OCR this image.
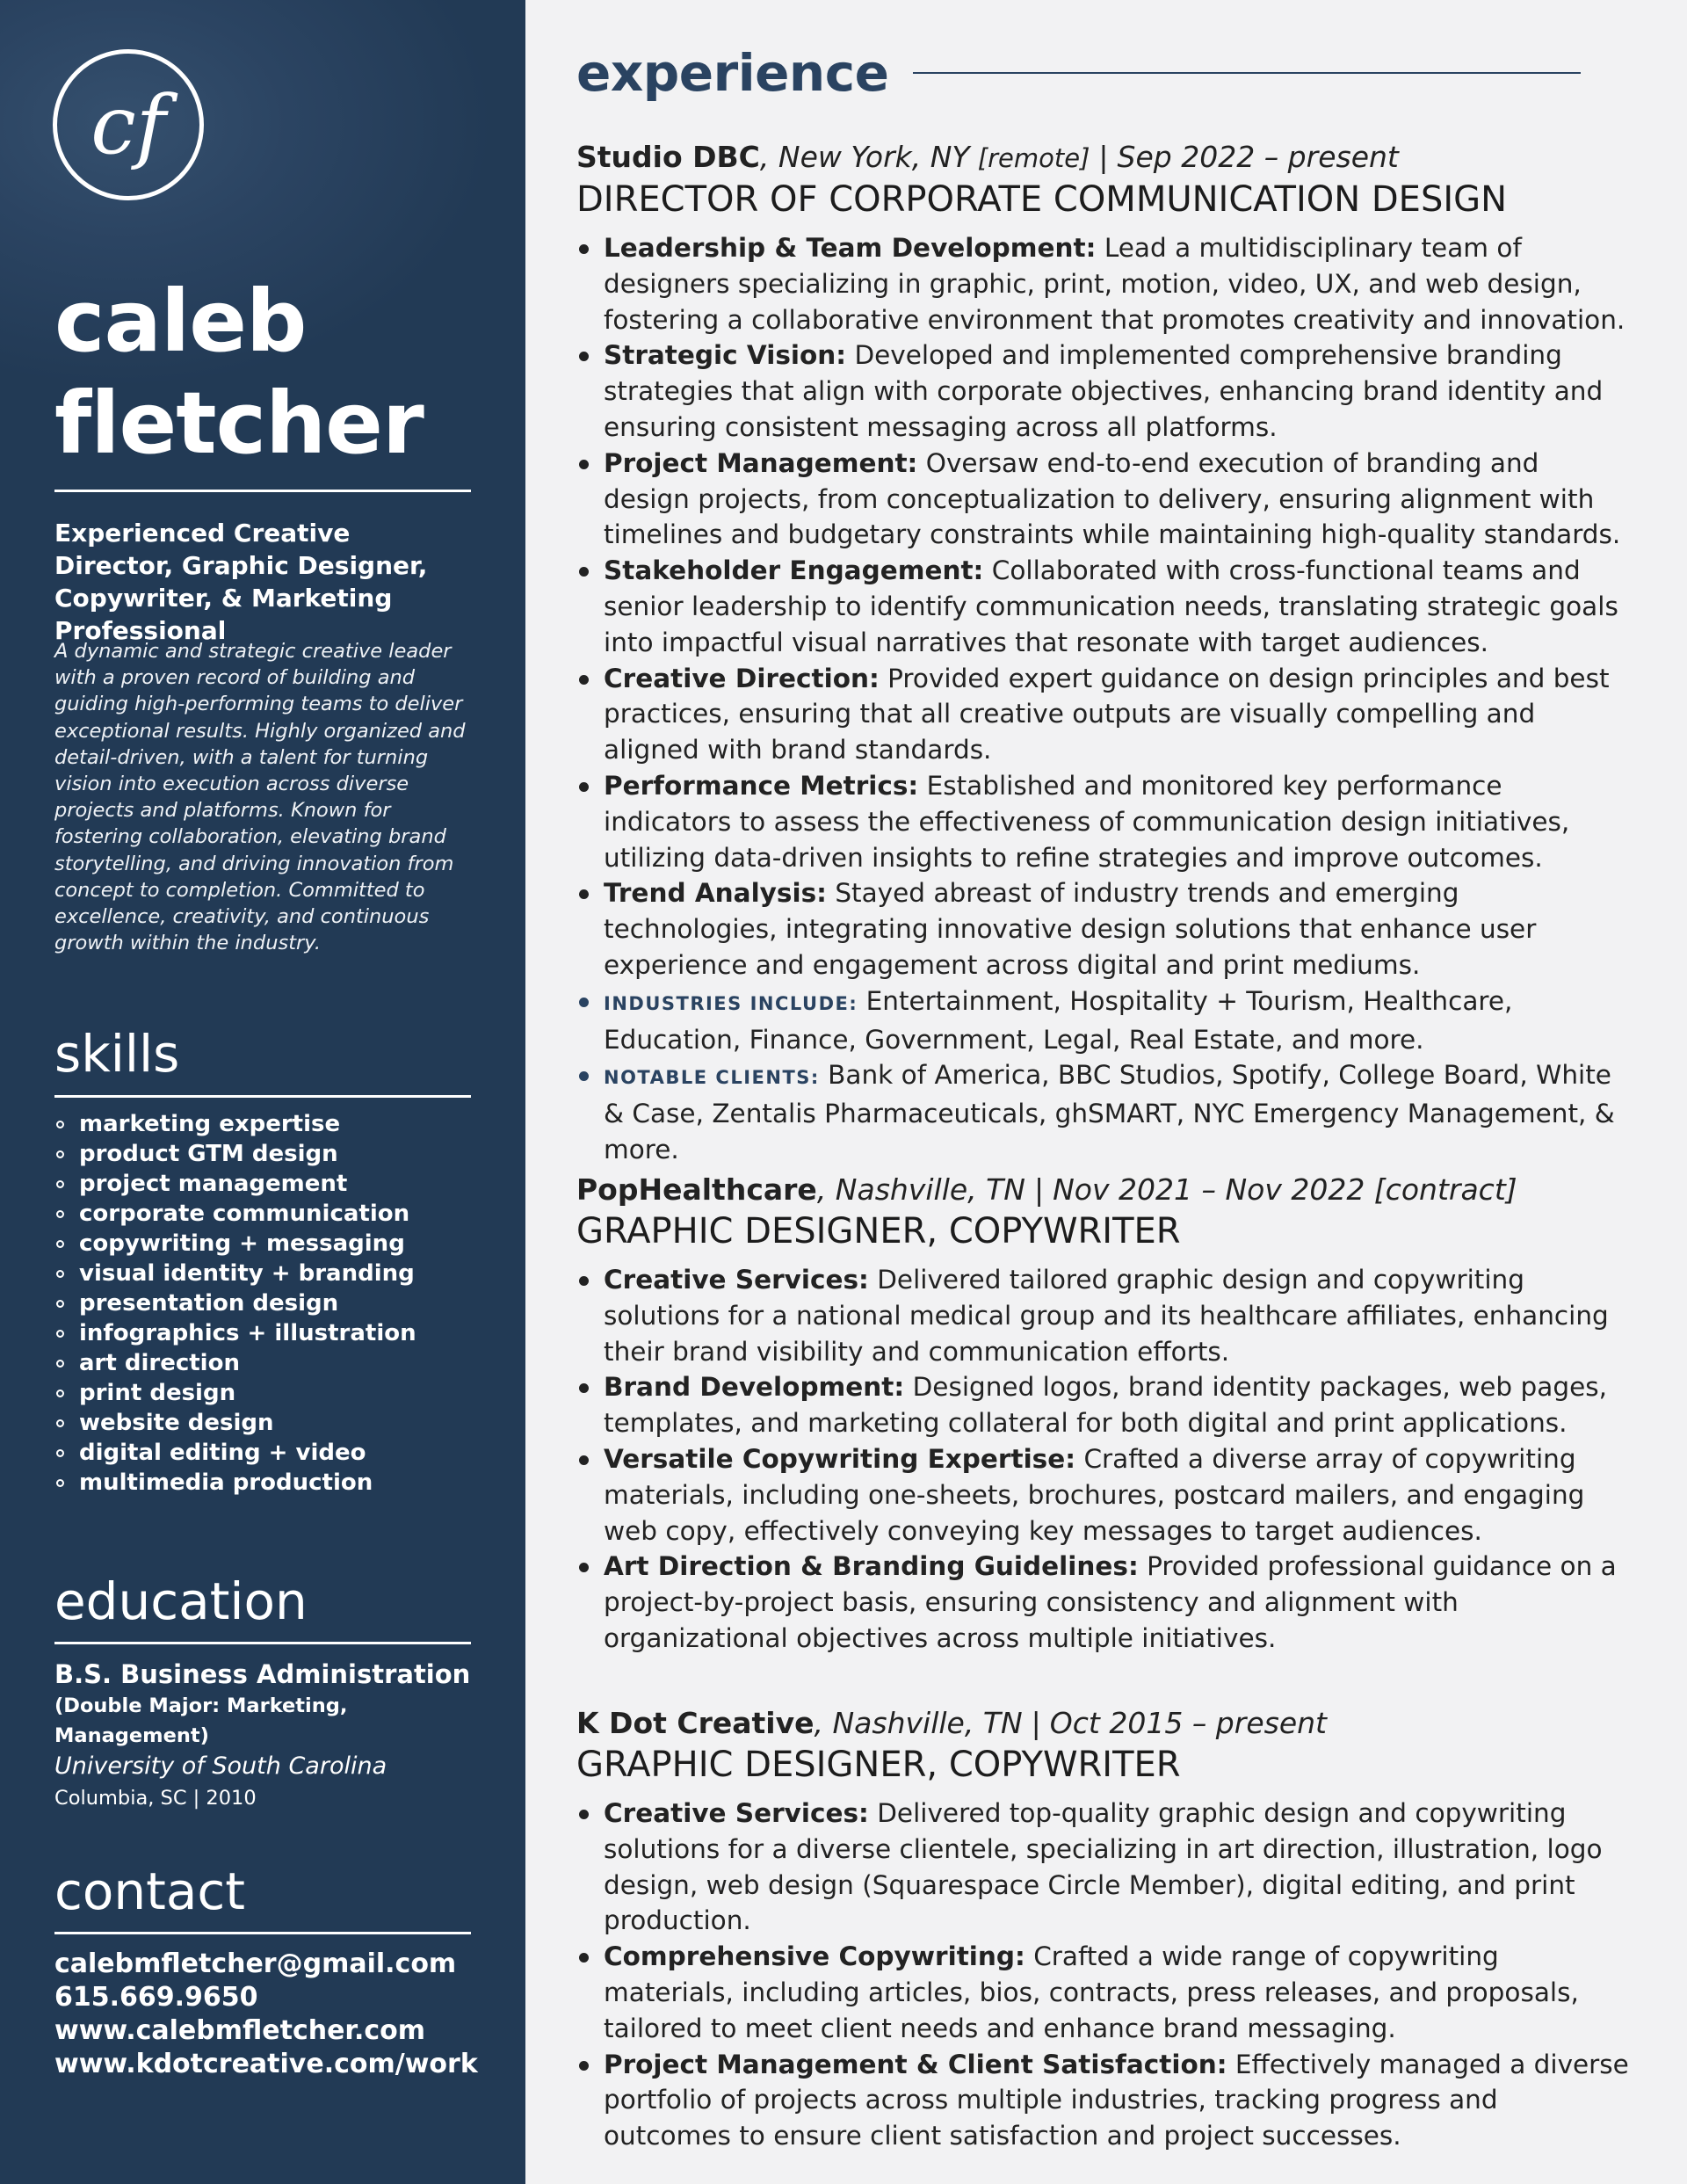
cf
caleb fletcher
Experienced Creative Director, Graphic Designer, Copywriter, & Marketing Professional
A dynamic and strategic creative leader with a proven record of building and guiding high-performing teams to deliver exceptional results. Highly organized and detail-driven, with a talent for turning vision into execution across diverse projects and platforms. Known for fostering collaboration, elevating brand storytelling, and driving innovation from concept to completion. Committed to excellence, creativity, and continuous growth within the industry.
skills
marketing expertise
product GTM design
project management
corporate communication
copywriting + messaging
visual identity + branding
presentation design
infographics + illustration
art direction
print design
website design
digital editing + video
multimedia production
education
B.S. Business Administration
(Double Major: Marketing, Management)
University of South Carolina
Columbia, SC | 2010
contact
calebmfletcher@gmail.com
615.669.9650
www.calebmfletcher.com
www.kdotcreative.com/work
experience
Studio DBC, New York, NY [remote] | Sep 2022 – present
DIRECTOR OF CORPORATE COMMUNICATION DESIGN
Leadership & Team Development: Lead a multidisciplinary team of designers specializing in graphic, print, motion, video, UX, and web design, fostering a collaborative environment that promotes creativity and innovation.
Strategic Vision: Developed and implemented comprehensive branding strategies that align with corporate objectives, enhancing brand identity and ensuring consistent messaging across all platforms.
Project Management: Oversaw end-to-end execution of branding and design projects, from conceptualization to delivery, ensuring alignment with timelines and budgetary constraints while maintaining high-quality standards.
Stakeholder Engagement: Collaborated with cross-functional teams and senior leadership to identify communication needs, translating strategic goals into impactful visual narratives that resonate with target audiences.
Creative Direction: Provided expert guidance on design principles and best practices, ensuring that all creative outputs are visually compelling and aligned with brand standards.
Performance Metrics: Established and monitored key performance indicators to assess the effectiveness of communication design initiatives, utilizing data-driven insights to refine strategies and improve outcomes.
Trend Analysis: Stayed abreast of industry trends and emerging technologies, integrating innovative design solutions that enhance user experience and engagement across digital and print mediums.
INDUSTRIES INCLUDE: Entertainment, Hospitality + Tourism, Healthcare, Education, Finance, Government, Legal, Real Estate, and more.
NOTABLE CLIENTS: Bank of America, BBC Studios, Spotify, College Board, White & Case, Zentalis Pharmaceuticals, ghSMART, NYC Emergency Management, & more.
PopHealthcare, Nashville, TN | Nov 2021 – Nov 2022 [contract]
GRAPHIC DESIGNER, COPYWRITER
Creative Services: Delivered tailored graphic design and copywriting solutions for a national medical group and its healthcare affiliates, enhancing their brand visibility and communication efforts.
Brand Development: Designed logos, brand identity packages, web pages, templates, and marketing collateral for both digital and print applications.
Versatile Copywriting Expertise: Crafted a diverse array of copywriting materials, including one-sheets, brochures, postcard mailers, and engaging web copy, effectively conveying key messages to target audiences.
Art Direction & Branding Guidelines: Provided professional guidance on a project-by-project basis, ensuring consistency and alignment with organizational objectives across multiple initiatives.
K Dot Creative, Nashville, TN | Oct 2015 – present
GRAPHIC DESIGNER, COPYWRITER
Creative Services: Delivered top-quality graphic design and copywriting solutions for a diverse clientele, specializing in art direction, illustration, logo design, web design (Squarespace Circle Member), digital editing, and print production.
Comprehensive Copywriting: Crafted a wide range of copywriting materials, including articles, bios, contracts, press releases, and proposals, tailored to meet client needs and enhance brand messaging.
Project Management & Client Satisfaction: Effectively managed a diverse portfolio of projects across multiple industries, tracking progress and outcomes to ensure client satisfaction and project successes.
